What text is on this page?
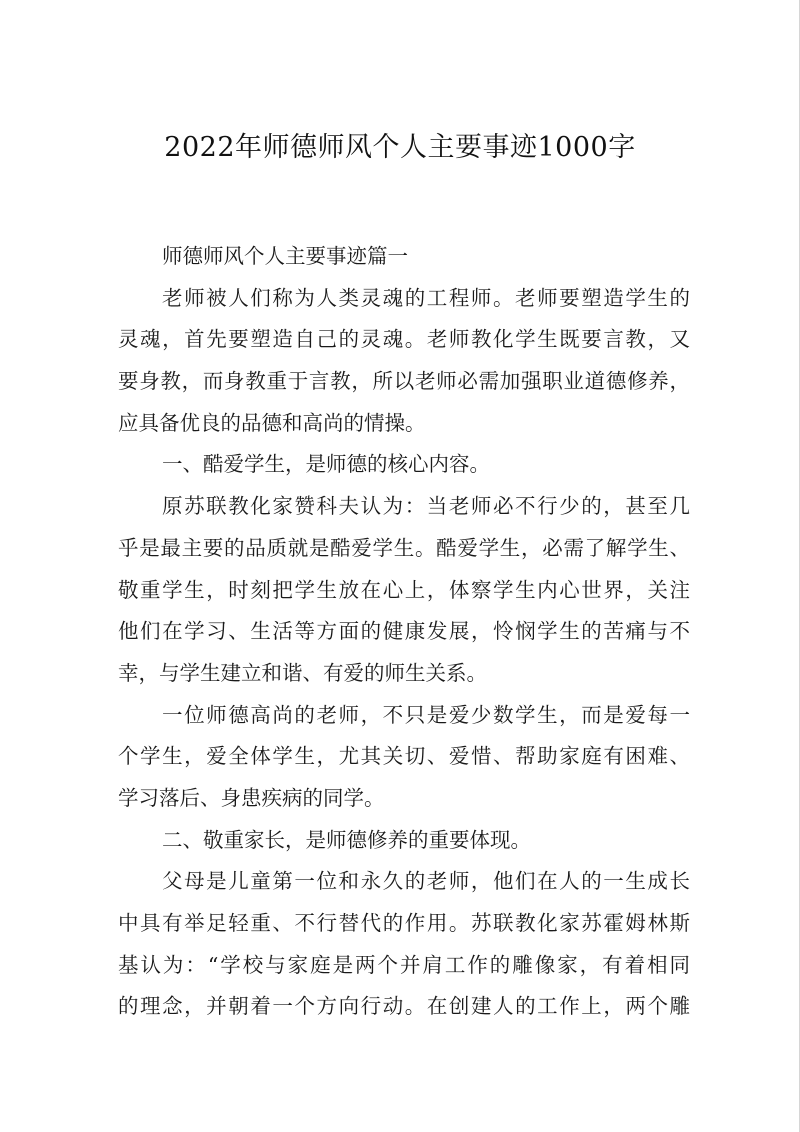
2022年师德师风个人主要事迹1000字
师德师风个人主要事迹篇一
老师被人们称为人类灵魂的工程师。老师要塑造学生的
灵魂，首先要塑造自己的灵魂。老师教化学生既要言教，又
要身教，而身教重于言教，所以老师必需加强职业道德修养，
应具备优良的品德和高尚的情操。
一、酷爱学生，是师德的核心内容。
原苏联教化家赞科夫认为：当老师必不行少的，甚至几
乎是最主要的品质就是酷爱学生。酷爱学生，必需了解学生、
敬重学生，时刻把学生放在心上，体察学生内心世界，关注
他们在学习、生活等方面的健康发展，怜悯学生的苦痛与不
幸，与学生建立和谐、有爱的师生关系。
一位师德高尚的老师，不只是爱少数学生，而是爱每一
个学生，爱全体学生，尤其关切、爱惜、帮助家庭有困难、
学习落后、身患疾病的同学。
二、敬重家长，是师德修养的重要体现。
父母是儿童第一位和永久的老师，他们在人的一生成长
中具有举足轻重、不行替代的作用。苏联教化家苏霍姆林斯
基认为：“学校与家庭是两个并肩工作的雕像家，有着相同
的理念，并朝着一个方向行动。在创建人的工作上，两个雕
